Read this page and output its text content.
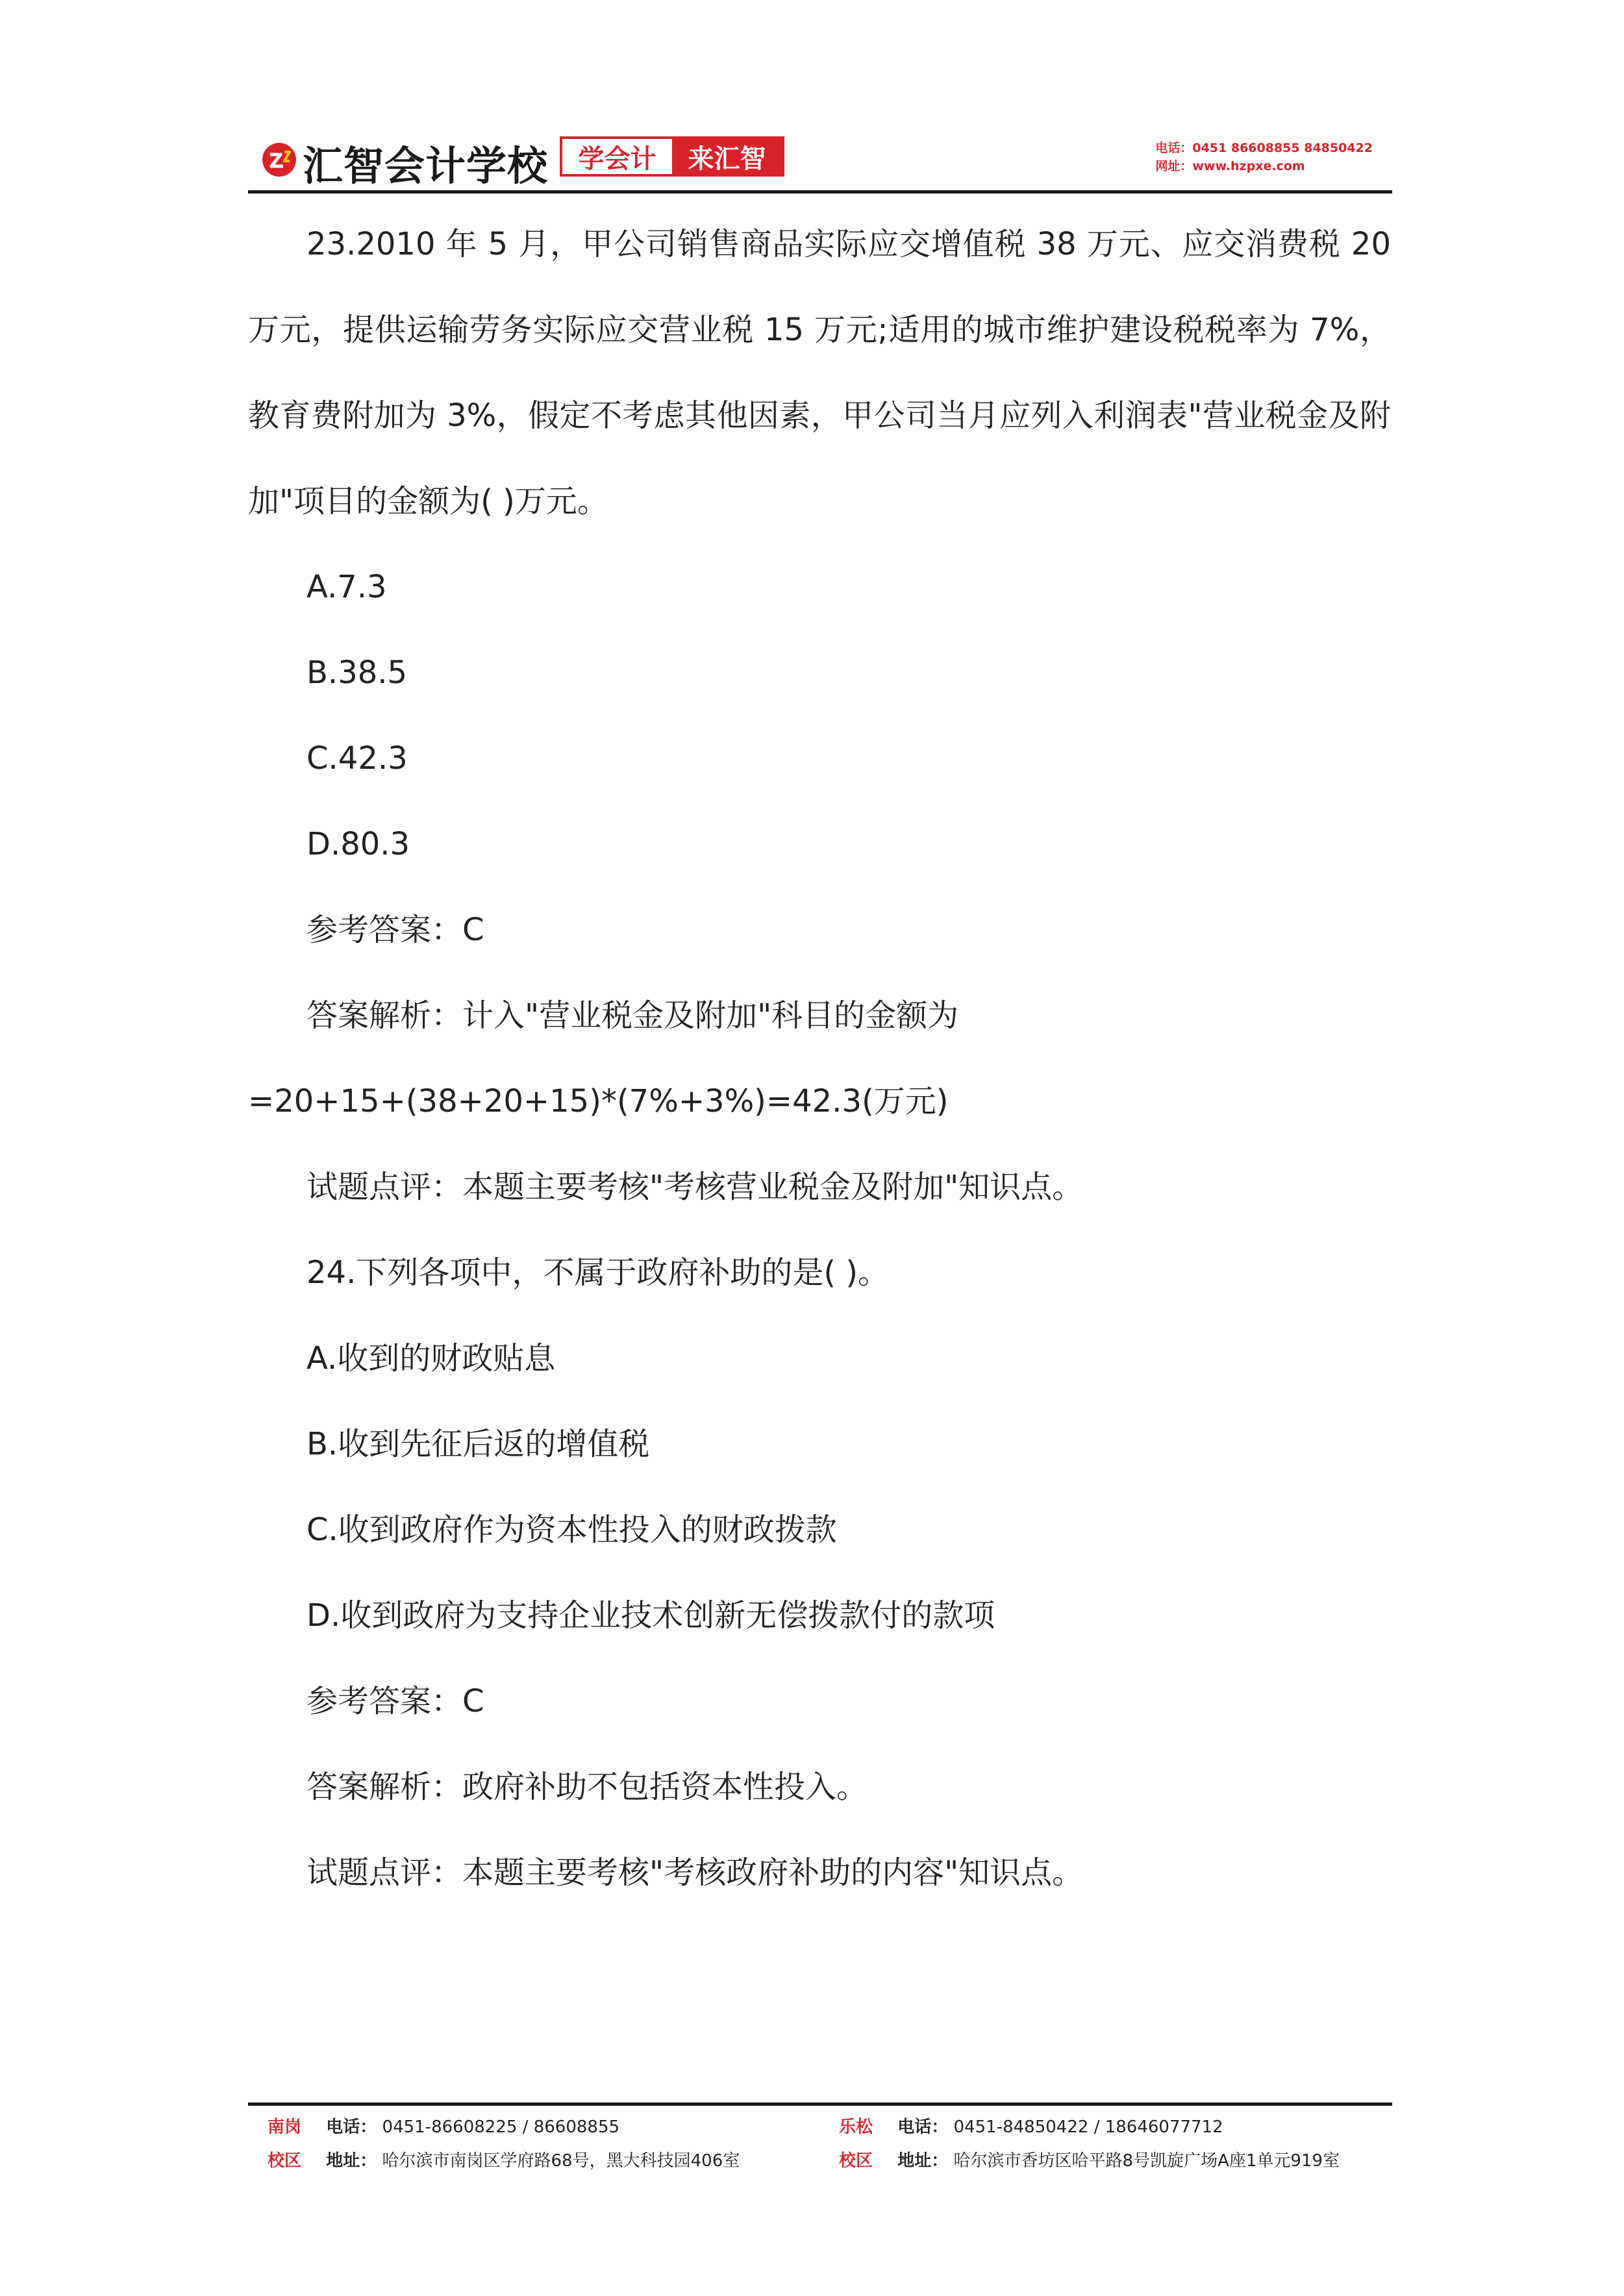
汇智会计学校	学会计	来汇智	电话：0451 86608855 84850422
网址：www.hzpxe.com

23.2010 年 5 月，甲公司销售商品实际应交增值税 38 万元、应交消费税 20 万元，提供运输劳务实际应交营业税 15 万元;适用的城市维护建设税税率为 7%，教育费附加为 3%，假定不考虑其他因素，甲公司当月应列入利润表"营业税金及附加"项目的金额为( )万元。

A.7.3

B.38.5

C.42.3

D.80.3

参考答案：C

答案解析：计入"营业税金及附加"科目的金额为

=20+15+(38+20+15)*(7%+3%)=42.3(万元)

试题点评：本题主要考核"考核营业税金及附加"知识点。

24.下列各项中，不属于政府补助的是( )。

A.收到的财政贴息

B.收到先征后返的增值税

C.收到政府作为资本性投入的财政拨款

D.收到政府为支持企业技术创新无偿拨款付的款项

参考答案：C

答案解析：政府补助不包括资本性投入。

试题点评：本题主要考核"考核政府补助的内容"知识点。

南岗 电话： 0451-86608225 / 86608855
校区 地址： 哈尔滨市南岗区学府路68号，黑大科技园406室
乐松 电话： 0451-84850422 / 18646077712
校区 地址： 哈尔滨市香坊区哈平路8号凯旋广场A座1单元919室
